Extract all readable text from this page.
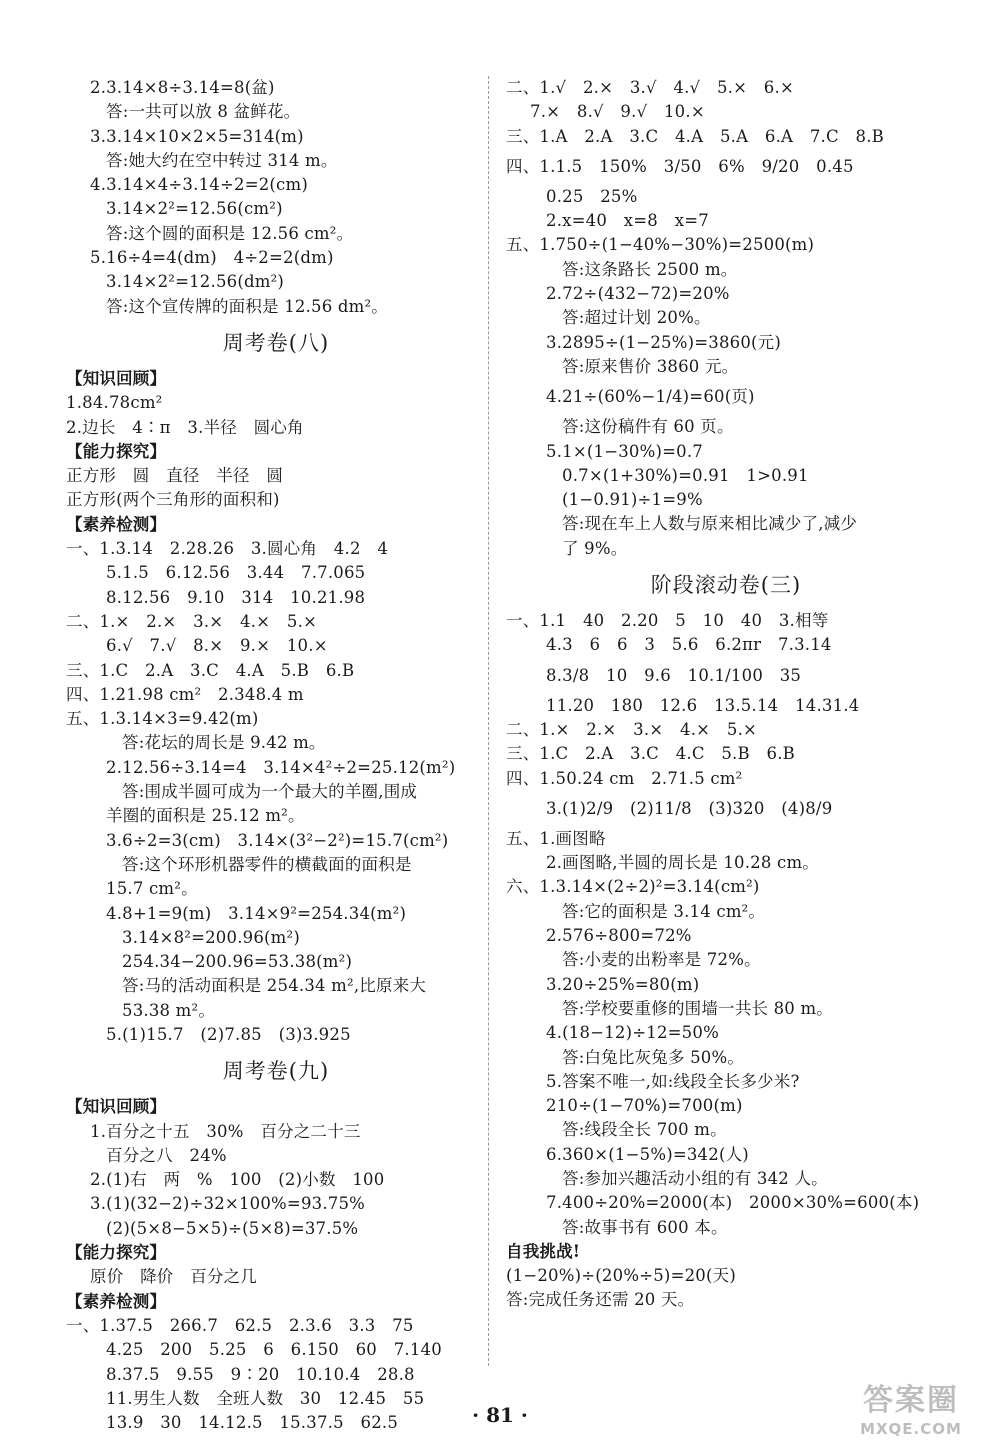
2.3.14×8÷3.14=8(盆)
答:一共可以放 8 盆鲜花。
3.3.14×10×2×5=314(m)
答:她大约在空中转过 314 m。
4.3.14×4÷3.14÷2=2(cm)
3.14×2²=12.56(cm²)
答:这个圆的面积是 12.56 cm²。
5.16÷4=4(dm)　4÷2=2(dm)
3.14×2²=12.56(dm²)
答:这个宣传牌的面积是 12.56 dm²。
周考卷(八)
【知识回顾】
1.84.78cm²
2.边长　4∶π　3.半径　圆心角
【能力探究】
正方形　圆　直径　半径　圆
正方形(两个三角形的面积和)
【素养检测】
一、1.3.14　2.28.26　3.圆心角　4.2　4
5.1.5　6.12.56　3.44　7.7.065
8.12.56　9.10　314　10.21.98
二、1.×　2.×　3.×　4.×　5.×
6.√　7.√　8.×　9.×　10.×
三、1.C　2.A　3.C　4.A　5.B　6.B
四、1.21.98 cm²　2.348.4 m
五、1.3.14×3=9.42(m)
答:花坛的周长是 9.42 m。
2.12.56÷3.14=4　3.14×4²÷2=25.12(m²)
答:围成半圆可成为一个最大的羊圈,围成
羊圈的面积是 25.12 m²。
3.6÷2=3(cm)　3.14×(3²−2²)=15.7(cm²)
答:这个环形机器零件的横截面的面积是
15.7 cm²。
4.8+1=9(m)　3.14×9²=254.34(m²)
3.14×8²=200.96(m²)
254.34−200.96=53.38(m²)
答:马的活动面积是 254.34 m²,比原来大
53.38 m²。
5.(1)15.7　(2)7.85　(3)3.925
周考卷(九)
【知识回顾】
1.百分之十五　30%　百分之二十三
百分之八　24%
2.(1)右　两　%　100　(2)小数　100
3.(1)(32−2)÷32×100%=93.75%
(2)(5×8−5×5)÷(5×8)=37.5%
【能力探究】
原价　降价　百分之几
【素养检测】
一、1.37.5　266.7　62.5　2.3.6　3.3　75
4.25　200　5.25　6　6.150　60　7.140
8.37.5　9.55　9∶20　10.10.4　28.8
11.男生人数　全班人数　30　12.45　55
13.9　30　14.12.5　15.37.5　62.5
二、1.√　2.×　3.√　4.√　5.×　6.×
7.×　8.√　9.√　10.×
三、1.A　2.A　3.C　4.A　5.A　6.A　7.C　8.B
四、1.1.5　150%　3/50　6%　9/20　0.45
0.25　25%
2.x=40　x=8　x=7
五、1.750÷(1−40%−30%)=2500(m)
答:这条路长 2500 m。
2.72÷(432−72)=20%
答:超过计划 20%。
3.2895÷(1−25%)=3860(元)
答:原来售价 3860 元。
4.21÷(60%−1/4)=60(页)
答:这份稿件有 60 页。
5.1×(1−30%)=0.7
0.7×(1+30%)=0.91　1>0.91
(1−0.91)÷1=9%
答:现在车上人数与原来相比减少了,减少
了 9%。
阶段滚动卷(三)
一、1.1　40　2.20　5　10　40　3.相等
4.3　6　6　3　5.6　6.2πr　7.3.14
8.3/8　10　9.6　10.1/100　35
11.20　180　12.6　13.5.14　14.31.4
二、1.×　2.×　3.×　4.×　5.×
三、1.C　2.A　3.C　4.C　5.B　6.B
四、1.50.24 cm　2.71.5 cm²
3.(1)2/9　(2)11/8　(3)320　(4)8/9
五、1.画图略
2.画图略,半圆的周长是 10.28 cm。
六、1.3.14×(2÷2)²=3.14(cm²)
答:它的面积是 3.14 cm²。
2.576÷800=72%
答:小麦的出粉率是 72%。
3.20÷25%=80(m)
答:学校要重修的围墙一共长 80 m。
4.(18−12)÷12=50%
答:白兔比灰兔多 50%。
5.答案不唯一,如:线段全长多少米?
210÷(1−70%)=700(m)
答:线段全长 700 m。
6.360×(1−5%)=342(人)
答:参加兴趣活动小组的有 342 人。
7.400÷20%=2000(本)　2000×30%=600(本)
答:故事书有 600 本。
自我挑战!
(1−20%)÷(20%÷5)=20(天)
答:完成任务还需 20 天。
· 81 ·	答案圈
MXQE.COM
